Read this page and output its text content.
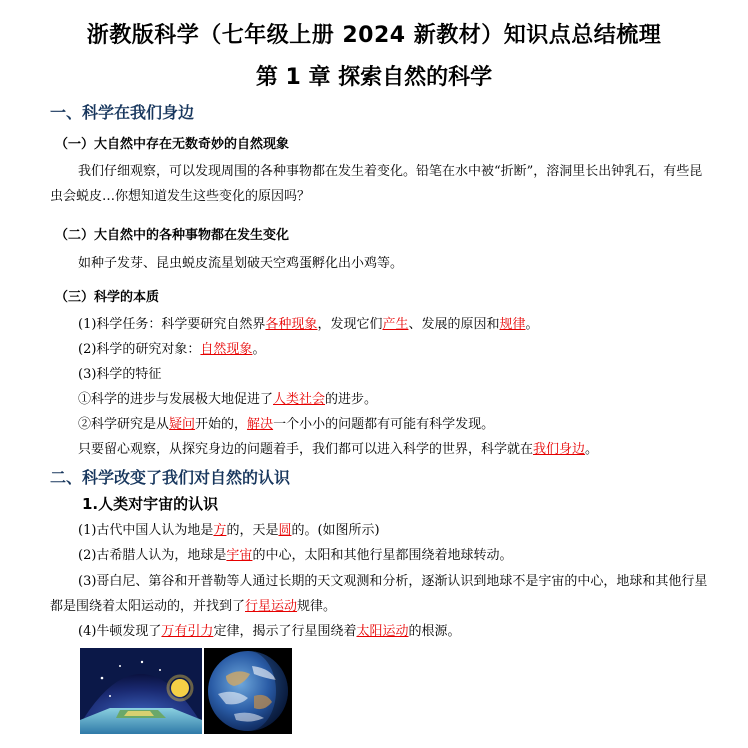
浙教版科学（七年级上册 2024 新教材）知识点总结梳理
第 1 章 探索自然的科学
一、科学在我们身边
（一）大自然中存在无数奇妙的自然现象
我们仔细观察，可以发现周围的各种事物都在发生着变化。铅笔在水中被“折断”，溶洞里长出钟乳石，有些昆虫会蜕皮…你想知道发生这些变化的原因吗？
（二）大自然中的各种事物都在发生变化
如种子发芽、昆虫蜕皮流星划破天空鸡蛋孵化出小鸡等。
（三）科学的本质
(1)科学任务：科学要研究自然界各种现象，发现它们产生、发展的原因和规律。
(2)科学的研究对象：自然现象。
(3)科学的特征
①科学的进步与发展极大地促进了人类社会的进步。
②科学研究是从疑问开始的，解决一个小小的问题都有可能有科学发现。
只要留心观察，从探究身边的问题着手，我们都可以进入科学的世界，科学就在我们身边。
二、科学改变了我们对自然的认识
1.人类对宇宙的认识
(1)古代中国人认为地是方的，天是圆的。(如图所示)
(2)古希腊人认为，地球是宇宙的中心，太阳和其他行星都围绕着地球转动。
(3)哥白尼、第谷和开普勒等人通过长期的天文观测和分析，逐渐认识到地球不是宇宙的中心，地球和其他行星都是围绕着太阳运动的，并找到了行星运动规律。
(4)牛顿发现了万有引力定律，揭示了行星围绕着太阳运动的根源。
